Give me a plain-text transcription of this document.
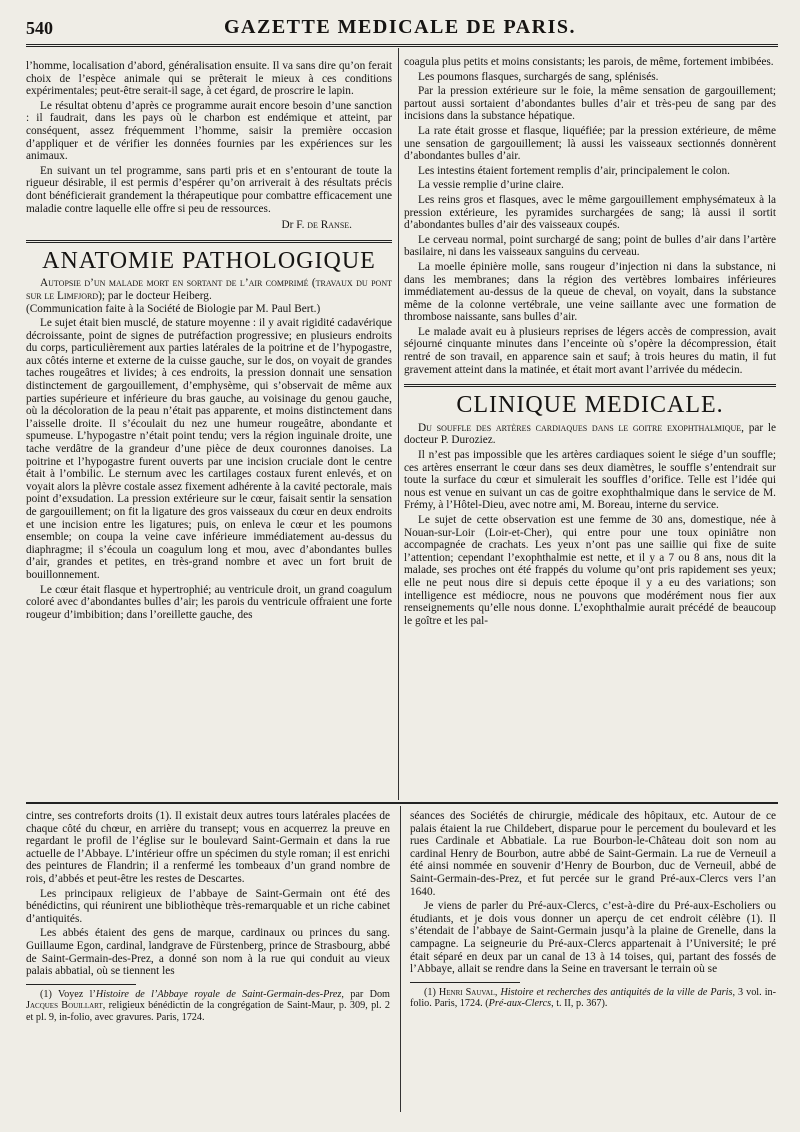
540	GAZETTE MEDICALE DE PARIS.

l’homme, localisation d’abord, généralisation ensuite. Il va sans dire qu’on ferait choix de l’espèce animale qui se prêterait le mieux à ces conditions expérimentales; peut-être serait-il sage, à cet égard, de proscrire le lapin.

Le résultat obtenu d’après ce programme aurait encore besoin d’une sanction : il faudrait, dans les pays où le charbon est endémique et atteint, par conséquent, assez fréquemment l’homme, saisir la première occasion d’appliquer et de vérifier les données fournies par les expériences sur les animaux.

En suivant un tel programme, sans parti pris et en s’entourant de toute la rigueur désirable, il est permis d’espérer qu’on arriverait à des résultats précis dont bénéficierait grandement la thérapeutique pour combattre efficacement une maladie contre laquelle elle offre si peu de ressources.

Dr F. de Ranse.
ANATOMIE PATHOLOGIQUE

Autopsie d’un malade mort en sortant de l’air comprimé (travaux du pont sur le Limfjord); par le docteur Heiberg.
(Communication faite à la Société de Biologie par M. Paul Bert.)

Le sujet était bien musclé, de stature moyenne : il y avait rigidité cadavérique décroissante, point de signes de putréfaction progressive; en plusieurs endroits du corps, particulièrement aux parties latérales de la poitrine et de l’hypogastre, aux côtés interne et externe de la cuisse gauche, sur le dos, on voyait de grandes taches rougeâtres et livides; à ces endroits, la pression donnait une sensation distinctement de gargouillement, d’emphysème, qui s’observait de même aux parties supérieure et inférieure du bras gauche, au voisinage du genou gauche, où la décoloration de la peau n’était pas apparente, et moins distinctement dans l’aisselle droite. Il s’écoulait du nez une humeur rougeâtre, abondante et spumeuse. L’hypogastre n’était point tendu; vers la région inguinale droite, une tache verdâtre de la grandeur d’une pièce de deux couronnes danoises. La poitrine et l’hypogastre furent ouverts par une incision cruciale dont le centre était à l’ombilic. Le sternum avec les cartilages costaux furent enlevés, et on voyait alors la plèvre costale assez fixement adhérente à la cavité pectorale, mais point d’exsudation. La pression extérieure sur le cœur, faisait sentir la sensation de gargouillement; on fit la ligature des gros vaisseaux du cœur en deux endroits et une incision entre les ligatures; puis, on enleva le cœur et les poumons ensemble; on coupa la veine cave inférieure immédiatement au-dessus du diaphragme; il s’écoula un coagulum long et mou, avec d’abondantes bulles d’air, grandes et petites, en très-grand nombre et avec un fort bruit de bouillonnement.

Le cœur était flasque et hypertrophié; au ventricule droit, un grand coagulum coloré avec d’abondantes bulles d’air; les parois du ventricule offraient une forte rougeur d’imbibition; dans l’oreillette gauche, des

coagula plus petits et moins consistants; les parois, de même, fortement imbibées.

Les poumons flasques, surchargés de sang, splénisés.

Par la pression extérieure sur le foie, la même sensation de gargouillement; partout aussi sortaient d’abondantes bulles d’air et très-peu de sang par des incisions dans la substance hépatique.

La rate était grosse et flasque, liquéfiée; par la pression extérieure, de même une sensation de gargouillement; là aussi les vaisseaux sectionnés donnèrent d’abondantes bulles d’air.

Les intestins étaient fortement remplis d’air, principalement le colon.

La vessie remplie d’urine claire.

Les reins gros et flasques, avec le même gargouillement emphysémateux à la pression extérieure, les pyramides surchargées de sang; là aussi il sortit d’abondantes bulles d’air des vaisseaux coupés.

Le cerveau normal, point surchargé de sang; point de bulles d’air dans l’artère basilaire, ni dans les vaisseaux sanguins du cerveau.

La moelle épinière molle, sans rougeur d’injection ni dans la substance, ni dans les membranes; dans la région des vertèbres lombaires inférieures immédiatement au-dessus de la queue de cheval, on voyait, dans la substance même de la colonne vertébrale, une veine saillante avec une formation de thrombose naissante, sans bulles d’air.

Le malade avait eu à plusieurs reprises de légers accès de compression, avait séjourné cinquante minutes dans l’enceinte où s’opère la décompression, était rentré de son travail, en apparence sain et sauf; à trois heures du matin, il fut gravement atteint dans la matinée, et était mort avant l’arrivée du médecin.

CLINIQUE MEDICALE.

Du souffle des artères cardiaques dans le goitre exophthalmique, par le docteur P. Duroziez.

Il n’est pas impossible que les artères cardiaques soient le siége d’un souffle; ces artères enserrant le cœur dans ses deux diamètres, le souffle s’entendrait sur toute la surface du cœur et simulerait les souffles d’orifice. Telle est l’idée qui nous est venue en suivant un cas de goitre exophthalmique dans le service de M. Frémy, à l’Hôtel-Dieu, avec notre ami, M. Boreau, interne du service.

Le sujet de cette observation est une femme de 30 ans, domestique, née à Nouan-sur-Loir (Loir-et-Cher), qui entre pour une toux opiniâtre non accompagnée de crachats. Les yeux n’ont pas une saillie qui fixe de suite l’attention; cependant l’exophthalmie est nette, et il y a 7 ou 8 ans, nous dit la malade, ses proches ont été frappés du volume qu’ont pris rapidement ses yeux; elle ne peut nous dire si depuis cette époque il y a eu des variations; son intelligence est médiocre, nous ne pouvons que modérément nous fier aux renseignements qu’elle nous donne. L’exophthalmie aurait précédé de beaucoup le goître et les pal-

cintre, ses contreforts droits (1). Il existait deux autres tours latérales placées de chaque côté du chœur, en arrière du transept; vous en acquerrez la preuve en regardant le profil de l’église sur le boulevard Saint-Germain et dans la rue actuelle de l’Abbaye. L’intérieur offre un spécimen du style roman; il est enrichi des peintures de Flandrin; il a renfermé les tombeaux d’un grand nombre de rois, d’abbés et peut-être les restes de Descartes.

Les principaux religieux de l’abbaye de Saint-Germain ont été des bénédictins, qui réunirent une bibliothèque très-remarquable et un riche cabinet d’antiquités.

Les abbés étaient des gens de marque, cardinaux ou princes du sang. Guillaume Egon, cardinal, landgrave de Fürstenberg, prince de Strasbourg, abbé de Saint-Germain-des-Prez, a donné son nom à la rue qui conduit au vieux palais abbatial, où se tiennent les

(1) Voyez l’Histoire de l’Abbaye royale de Saint-Germain-des-Prez, par Dom Jacques Bouillart, religieux bénédictin de la congrégation de Saint-Maur, p. 309, pl. 2 et pl. 9, in-folio, avec gravures. Paris, 1724.

séances des Sociétés de chirurgie, médicale des hôpitaux, etc. Autour de ce palais étaient la rue Childebert, disparue pour le percement du boulevard et les rues Cardinale et Abbatiale. La rue Bourbon-le-Château doit son nom au cardinal Henry de Bourbon, autre abbé de Saint-Germain. La rue de Verneuil a été ainsi nommée en souvenir d’Henry de Bourbon, duc de Verneuil, abbé de Saint-Germain-des-Prez, et fut percée sur le grand Pré-aux-Clercs vers l’an 1640.

Je viens de parler du Pré-aux-Clercs, c’est-à-dire du Pré-aux-Escholiers ou étudiants, et je dois vous donner un aperçu de cet endroit célèbre (1). Il s’étendait de l’abbaye de Saint-Germain jusqu’à la plaine de Grenelle, dans la campagne. La seigneurie du Pré-aux-Clercs appartenait à l’Université; le pré était séparé en deux par un canal de 13 à 14 toises, qui, partant des fossés de l’Abbaye, allait se rendre dans la Seine en traversant le terrain où se

(1) Henri Sauval, Histoire et recherches des antiquités de la ville de Paris, 3 vol. in-folio. Paris, 1724. (Pré-aux-Clercs, t. II, p. 367).
